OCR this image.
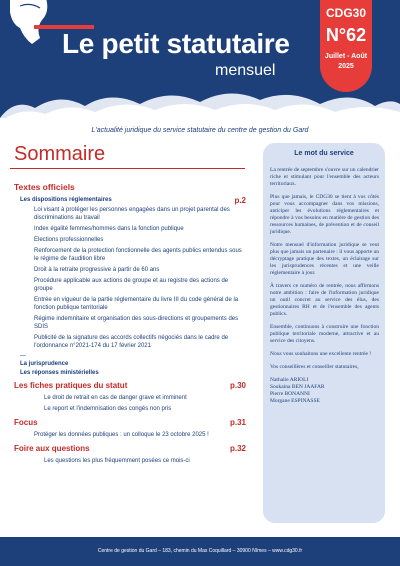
Le petit statutaire
mensuel
CDG30
N°62
Juillet - Août 2025
L'actualité juridique du service statutaire du centre de gestion du Gard
Sommaire
Textes officiels
Les dispositions réglementaires	p.2
Loi visant à protéger les personnes engagées dans un projet parental des discriminations au travail
Index égalité femmes/hommes dans la fonction publique
Elections professionnelles
Renforcement de la protection fonctionnelle des agents publics entendus sous le régime de l'audition libre
Droit à la retraite progressive à partir de 60 ans
Procédure applicable aux actions de groupe et au registre des actions de groupe
Entrée en vigueur de la partie réglementaire du livre III du code général de la fonction publique territoriale
Régime indemnitaire et organisation des sous-directions et groupements des SDIS
Publicité de la signature des accords collectifs négociés dans le cadre de l'ordonnance n°2021-174 du 17 février 2021
—
La jurisprudence
Les réponses ministérielles
Les fiches pratiques du statut	p.30
Le droit de retrait en cas de danger grave et imminent
Le report et l'indemnisation des congés non pris
Focus	p.31
Protéger les données publiques : un colloque le 23 octobre 2025 !
Foire aux questions	p.32
Les questions les plus fréquemment posées ce mois-ci
Le mot du service

La rentrée de septembre s'ouvre sur un calendrier riche et stimulant pour l'ensemble des acteurs territoriaux.

Plus que jamais, le CDG30 se tient à vos côtés pour vous accompagner dans vos missions, anticiper les évolutions réglementaires et répondre à vos besoins en matière de gestion des ressources humaines, de prévention et de conseil juridique.

Notre mensuel d'information juridique se veut plus que jamais un partenaire : il vous apporte un décryptage pratique des textes, un éclairage sur les jurisprudences récentes et une veille réglementaire à jour.

À travers ce numéro de rentrée, nous affirmons notre ambition : faire de l'information juridique un outil concret au service des élus, des gestionnaires RH et de l'ensemble des agents publics.

Ensemble, continuons à construire une fonction publique territoriale moderne, attractive et au service des citoyens.

Nous vous souhaitons une excellente rentrée !

Vos conseillères et conseiller statutaires,

Nathalie ARIOLI
Soukaina BEN JAAFAR
Pierre BONANNI
Morgane ESPINASSE
Centre de gestion du Gard – 183, chemin du Mas Coquillard – 30900 Nîmes – www.cdg30.fr
